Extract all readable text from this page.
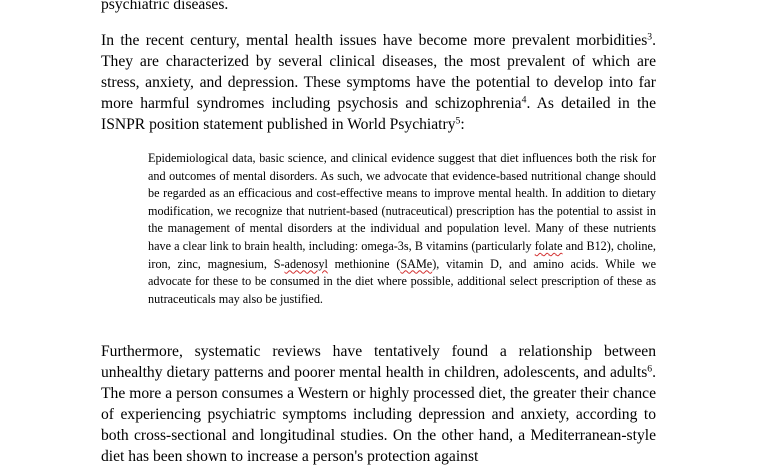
psychiatric diseases.

In the recent century, mental health issues have become more prevalent morbidities$^3$. They are characterized by several clinical diseases, the most prevalent of which are stress, anxiety, and depression. These symptoms have the potential to develop into far more harmful syndromes including psychosis and schizophrenia$^4$. As detailed in the ISNPR position statement published in World Psychiatry$^5$:

Epidemiological data, basic science, and clinical evidence suggest that diet influences both the risk for and outcomes of mental disorders. As such, we advocate that evidence-based nutritional change should be regarded as an efficacious and cost-effective means to improve mental health. In addition to dietary modification, we recognize that nutrient-based (nutraceutical) prescription has the potential to assist in the management of mental disorders at the individual and population level. Many of these nutrients have a clear link to brain health, including: omega-3s, B vitamins (particularly folate and B12), choline, iron, zinc, magnesium, S-adenosyl methionine (SAMe), vitamin D, and amino acids. While we advocate for these to be consumed in the diet where possible, additional select prescription of these as nutraceuticals may also be justified.

Furthermore, systematic reviews have tentatively found a relationship between unhealthy dietary patterns and poorer mental health in children, adolescents, and adults$^6$. The more a person consumes a Western or highly processed diet, the greater their chance of experiencing psychiatric symptoms including depression and anxiety, according to both cross-sectional and longitudinal studies. On the other hand, a Mediterranean-style diet has been shown to increase a person's protection against
